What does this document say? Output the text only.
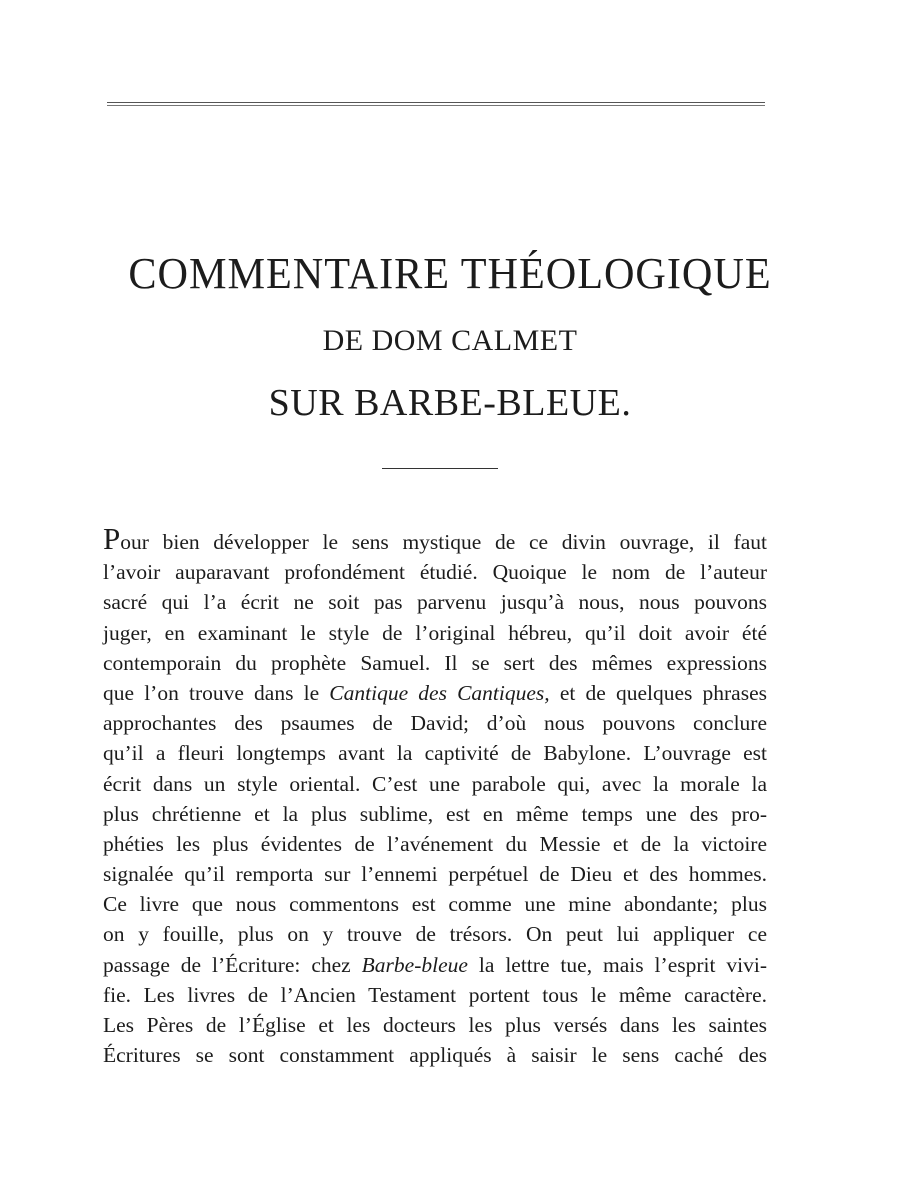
COMMENTAIRE THÉOLOGIQUE
DE DOM CALMET
SUR BARBE-BLEUE.
Pour bien développer le sens mystique de ce divin ouvrage, il faut
l’avoir auparavant profondément étudié. Quoique le nom de l’auteur
sacré qui l’a écrit ne soit pas parvenu jusqu’à nous, nous pouvons
juger, en examinant le style de l’original hébreu, qu’il doit avoir été
contemporain du prophète Samuel. Il se sert des mêmes expressions
que l’on trouve dans le Cantique des Cantiques, et de quelques phrases
approchantes des psaumes de David; d’où nous pouvons conclure
qu’il a fleuri longtemps avant la captivité de Babylone. L’ouvrage est
écrit dans un style oriental. C’est une parabole qui, avec la morale la
plus chrétienne et la plus sublime, est en même temps une des pro-
phéties les plus évidentes de l’avénement du Messie et de la victoire
signalée qu’il remporta sur l’ennemi perpétuel de Dieu et des hommes.
Ce livre que nous commentons est comme une mine abondante; plus
on y fouille, plus on y trouve de trésors. On peut lui appliquer ce
passage de l’Écriture: chez Barbe-bleue la lettre tue, mais l’esprit vivi-
fie. Les livres de l’Ancien Testament portent tous le même caractère.
Les Pères de l’Église et les docteurs les plus versés dans les saintes
Écritures se sont constamment appliqués à saisir le sens caché des
